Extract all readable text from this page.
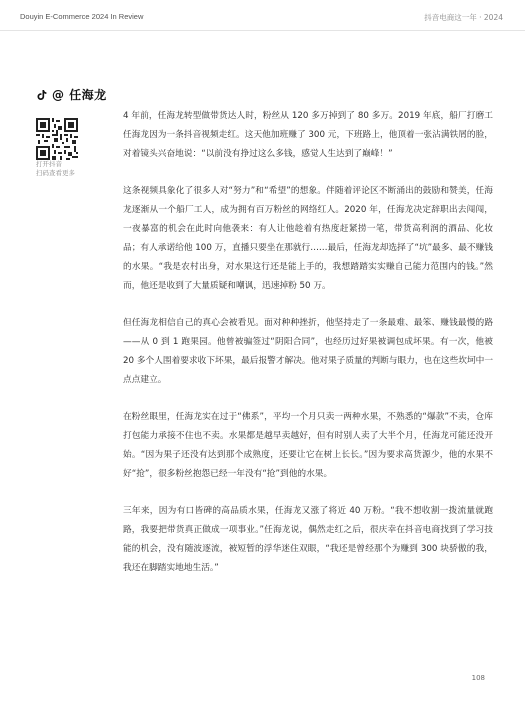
Douyin E-Commerce 2024 In Review	抖音电商这一年 · 2024
@ 任海龙
打开抖音
扫码查看更多

4 年前，任海龙转型做带货达人时，粉丝从 120 多万掉到了 80 多万。2019 年底，船厂打磨工任海龙因为一条抖音视频走红。这天他加班赚了 300 元，下班路上，他顶着一张沾满铁屑的脸，对着镜头兴奋地说：“以前没有挣过这么多钱，感觉人生达到了巅峰！”

这条视频具象化了很多人对“努力”和“希望”的想象。伴随着评论区不断涌出的鼓励和赞美，任海龙逐渐从一个船厂工人，成为拥有百万粉丝的网络红人。2020 年，任海龙决定辞职出去闯闯，一夜暴富的机会在此时向他袭来：有人让他趁着有热度赶紧捞一笔，带货高利润的酒品、化妆品；有人承诺给他 100 万，直播只要坐在那就行……最后，任海龙却选择了“坑”最多、最不赚钱的水果。“我是农村出身，对水果这行还是能上手的，我想踏踏实实赚自己能力范围内的钱。”然而，他还是收到了大量质疑和嘲讽，迅速掉粉 50 万。

但任海龙相信自己的真心会被看见。面对种种挫折，他坚持走了一条最难、最笨、赚钱最慢的路——从 0 到 1 跑果园。他曾被骗签过“阴阳合同”，也经历过好果被调包成坏果。有一次，他被 20 多个人围着要求收下坏果，最后报警才解决。他对果子质量的判断与眼力，也在这些坎坷中一点点建立。

在粉丝眼里，任海龙实在过于“佛系”，平均一个月只卖一两种水果，不熟悉的“爆款”不卖，仓库打包能力承接不住也不卖。水果都是越早卖越好，但有时别人卖了大半个月，任海龙可能还没开始。“因为果子还没有达到那个成熟度，还要让它在树上长长。”因为要求高货源少，他的水果不好“抢”，很多粉丝抱怨已经一年没有“抢”到他的水果。

三年来，因为有口皆碑的高品质水果，任海龙又涨了将近 40 万粉。“我不想收割一拨流量就跑路，我要把带货真正做成一项事业。”任海龙说，偶然走红之后，很庆幸在抖音电商找到了学习技能的机会，没有随波逐流，被短暂的浮华迷住双眼，“我还是曾经那个为赚到 300 块骄傲的我，我还在脚踏实地地生活。”

108
